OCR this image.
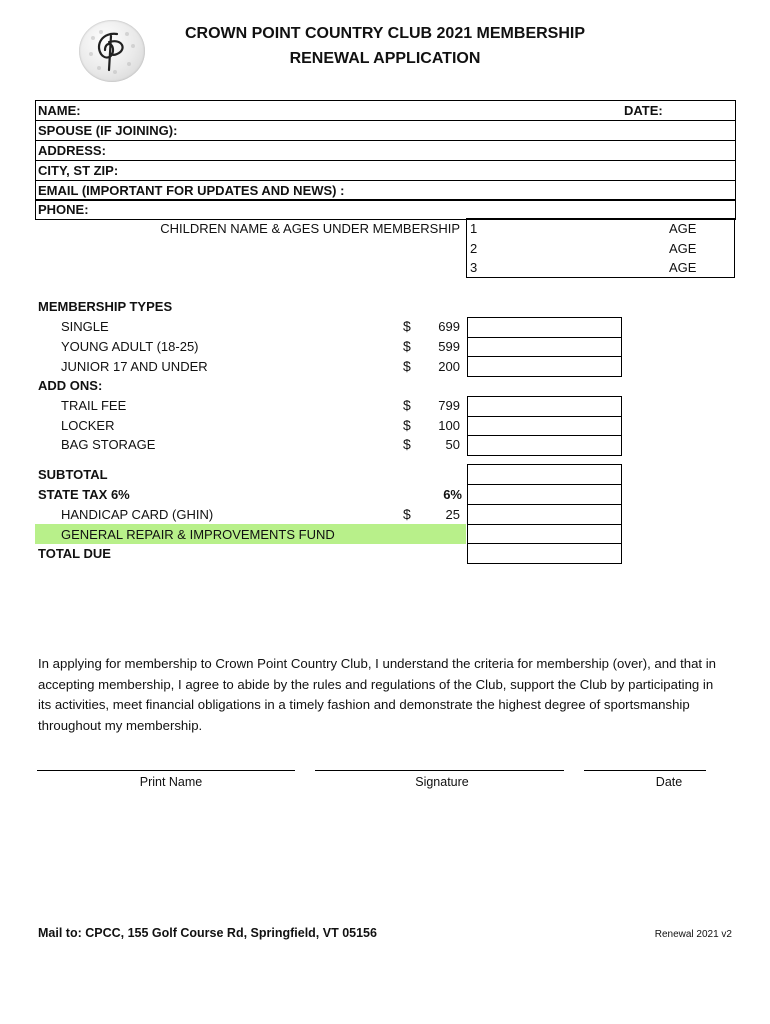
CROWN POINT COUNTRY CLUB 2021 MEMBERSHIP
RENEWAL APPLICATION
NAME:	DATE:
SPOUSE (IF JOINING):
ADDRESS:
CITY, ST ZIP:
EMAIL (IMPORTANT FOR UPDATES AND NEWS) :
PHONE:
CHILDREN NAME & AGES UNDER MEMBERSHIP 1	AGE
2	AGE
3	AGE
MEMBERSHIP TYPES
SINGLE	$	699
YOUNG ADULT (18-25)	$	599
JUNIOR 17 AND UNDER	$	200
ADD ONS:
TRAIL FEE	$	799
LOCKER	$	100
BAG STORAGE	$	50
SUBTOTAL
STATE TAX 6%	6%
HANDICAP CARD (GHIN)	$	25
GENERAL REPAIR & IMPROVEMENTS FUND
TOTAL DUE
In applying for membership to Crown Point Country Club, I understand the criteria for membership (over), and that in accepting membership, I agree to abide by the rules and regulations of the Club, support the Club by participating in its activities, meet financial obligations in a timely fashion and demonstrate the highest degree of sportsmanship throughout my membership.
Print Name	Signature	Date
Mail to: CPCC, 155 Golf Course Rd, Springfield, VT 05156	Renewal 2021 v2
